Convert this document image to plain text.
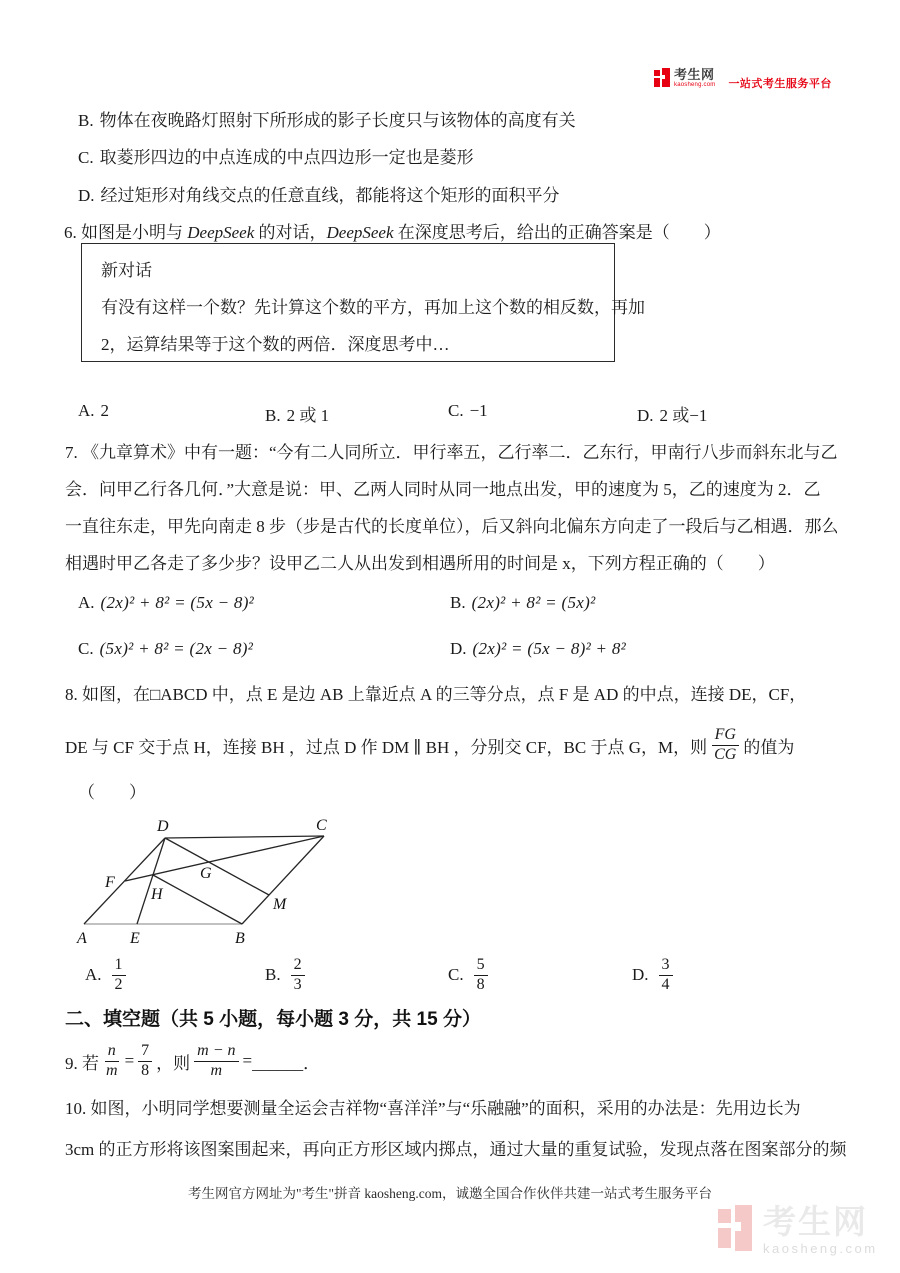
考生网
kaosheng.com 一站式考生服务平台
B. 物体在夜晚路灯照射下所形成的影子长度只与该物体的高度有关
C. 取菱形四边的中点连成的中点四边形一定也是菱形
D. 经过矩形对角线交点的任意直线，都能将这个矩形的面积平分
6. 如图是小明与 DeepSeek 的对话，DeepSeek 在深度思考后，给出的正确答案是（　　）
新对话
有没有这样一个数？先计算这个数的平方，再加上这个数的相反数，再加
2，运算结果等于这个数的两倍．深度思考中…
A. 2	B. 2 或 1	C. −1	D. 2 或−1
7. 《九章算术》中有一题：“今有二人同所立．甲行率五，乙行率二．乙东行，甲南行八步而斜东北与乙
会．问甲乙行各几何．”大意是说：甲、乙两人同时从同一地点出发，甲的速度为 5，乙的速度为 2．乙
一直往东走，甲先向南走 8 步（步是古代的长度单位），后又斜向北偏东方向走了一段后与乙相遇．那么
相遇时甲乙各走了多少步？设甲乙二人从出发到相遇所用的时间是 x，下列方程正确的（　　）
A. (2x)² + 8² = (5x − 8)²	B. (2x)² + 8² = (5x)²
C. (5x)² + 8² = (2x − 8)²	D. (2x)² = (5x − 8)² + 8²
8. 如图，在□ABCD 中，点 E 是边 AB 上靠近点 A 的三等分点，点 F 是 AD 的中点，连接 DE，CF，
DE 与 CF 交于点 H，连接 BH ，过点 D 作 DM ∥ BH ，分别交 CF，BC 于点 G，M，则 $\frac{FG}{CG}$ 的值为
（　　）
A	E	B
D	C
F
H
G
M
A. $\frac{1}{2}$	B. $\frac{2}{3}$	C. $\frac{5}{8}$	D. $\frac{3}{4}$
二、填空题（共 5 小题，每小题 3 分，共 15 分）
9. 若 $\frac{n}{m} = \frac{7}{8}$ ，则 $\frac{m - n}{m}$ = ______．
10. 如图，小明同学想要测量全运会吉祥物“喜洋洋”与“乐融融”的面积，采用的办法是：先用边长为
3cm 的正方形将该图案围起来，再向正方形区域内掷点，通过大量的重复试验，发现点落在图案部分的频
考生网官方网址为"考生"拼音 kaosheng.com，诚邀全国合作伙伴共建一站式考生服务平台
考生网
kaosheng.com
